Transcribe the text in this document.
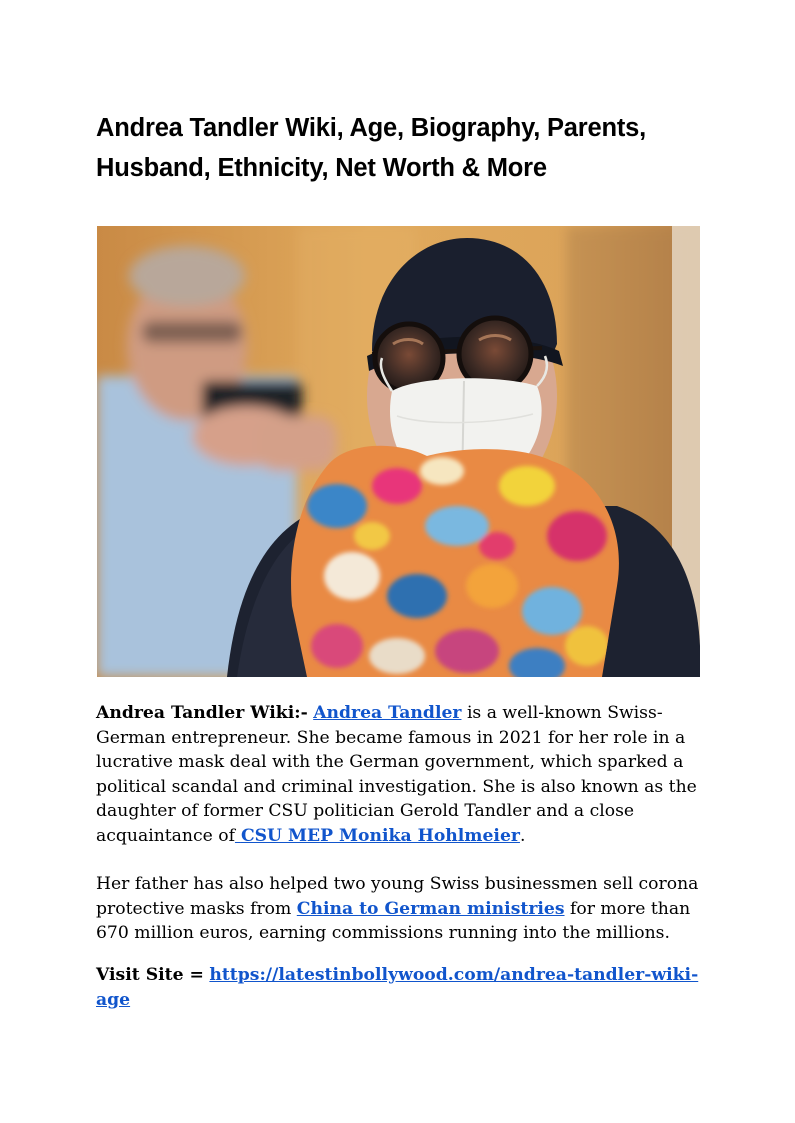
Andrea Tandler Wiki, Age, Biography, Parents, Husband, Ethnicity, Net Worth & More
Andrea Tandler Wiki:- Andrea Tandler is a well-known Swiss-German entrepreneur. She became famous in 2021 for her role in a lucrative mask deal with the German government, which sparked a political scandal and criminal investigation. She is also known as the daughter of former CSU politician Gerold Tandler and a close acquaintance of CSU MEP Monika Hohlmeier.
Her father has also helped two young Swiss businessmen sell corona protective masks from China to German ministries for more than 670 million euros, earning commissions running into the millions.
Visit Site = https://latestinbollywood.com/andrea-tandler-wiki-age
